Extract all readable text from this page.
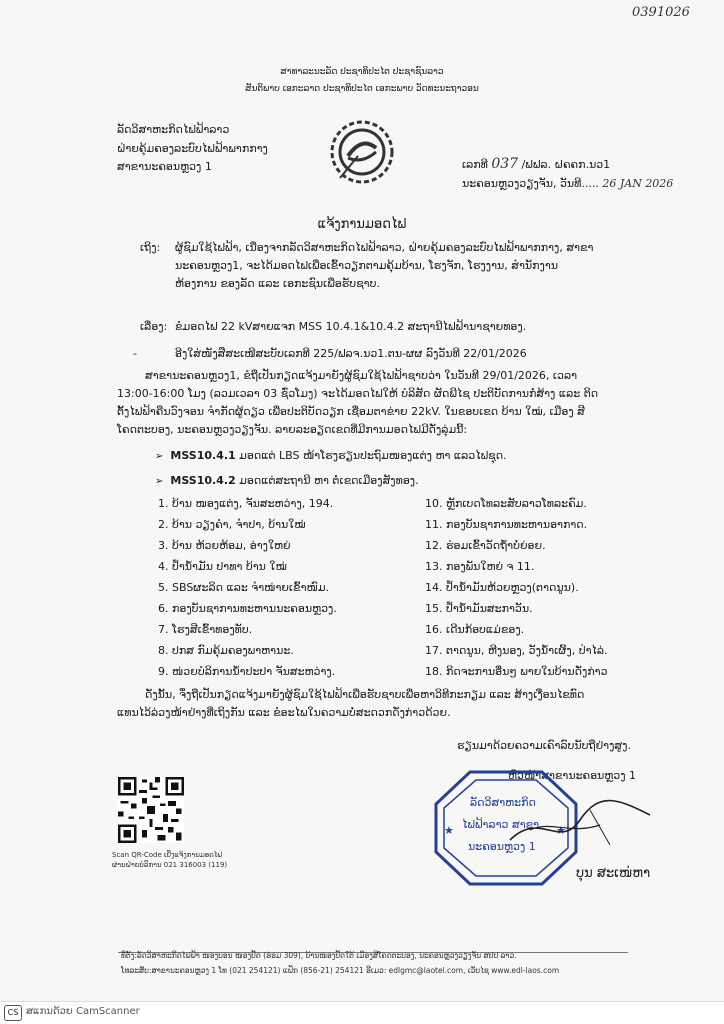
0391026
ສາທາລະນະລັດ ປະຊາທິປະໄຕ ປະຊາຊົນລາວ
ສັນຕິພາບ ເອກະລາດ ປະຊາທິປະໄຕ ເອກະພາບ ວັດທະນະຖາວອນ
ລັດວິສາຫະກິດໄຟຟ້າລາວ
ຝ່າຍຄຸ້ມຄອງລະບົບໄຟຟ້າພາກກາງ
ສາຂານະຄອນຫຼວງ 1	ເລກທີ 037 /ຟຟລ. ຝຄຄກ.ນວ1
ນະຄອນຫຼວງວຽງຈັນ, ວັນທີ..... 26 JAN 2026
ແຈ້ງການມອດໄຟ
ເຖິງ: ຜູ້ຊົມໃຊ້ໄຟຟ້າ, ເນື່ອງຈາກລັດວິສາຫະກິດໄຟຟ້າລາວ, ຝ່າຍຄຸ້ມຄອງລະບົບໄຟຟ້າພາກກາງ, ສາຂານະຄອນຫຼວງ1, ຈະໄດ້ມອດໄຟເພື່ອເຂົ້າວຽກຕາມຄຸ້ມບ້ານ, ໂຮງຈັກ, ໂຮງງານ, ສຳນັກງານຫ້ອງການ ຂອງລັດ ແລະ ເອກະຊົນເພື່ອຮັບຊາບ.
ເລື່ອງ: ຂໍມອດໄຟ 22 kVສາຍແຈກ MSS 10.4.1&10.4.2 ສະຖານີໄຟຟ້ານາຊາຍທອງ.
-	ອີງໃສ່ໜັງສືສະເໜີສະບັບເລກທີ 225/ຟລຈ.ນວ1.ຕນ-ຜຜ ລົງວັນທີ 22/01/2026
ສາຂານະຄອນຫຼວງ1, ຂໍຖືເປັນກຽດແຈ້ງມາຍັງຜູ້ຊົມໃຊ້ໄຟຟ້າຊາບວ່າ ໃນວັນທີ 29/01/2026, ເວລາ 13:00-16:00 ໂມງ (ລວມເວລາ 03 ຊົ່ວໂມງ) ຈະໄດ້ມອດໄຟໃຫ້ ບໍລິສັດ ຜັດພີໄຊ ປະຕິບັດການກໍ່ສ້າງ ແລະ ຕິດຕັ້ງໄຟຟ້າຄືນວົງຈອນ ຈຳກັດຜູ້ດຽວ ເພື່ອປະຕິບັດວຽກ ເຊື່ອມຕາຂ່າຍ 22kV. ໃນຂອບເຂດ ບ້ານ ໃໝ່, ເມືອງ ສີໂຄດຕະບອງ, ນະຄອນຫຼວງວຽງຈັນ. ລາຍລະອຽດເຂດທີ່ມີການມອດໄຟມີດັ່ງລຸ່ມນີ້:
➢ MSS10.4.1 ມອດແຕ່ LBS ໜ້າໂຮງຮຽນປະຖົມໜອງແຕ່ງ ຫາ ແລວໄຟຊຸດ.
➢ MSS10.4.2 ມອດແຕ່ສະຖານີ ຫາ ຕໍ່ເຂດເມືອງສັງທອງ.
1. ບ້ານ ໜອງແຕ່ງ, ຈັນສະຫວ່າງ, 194.
2. ບ້ານ ວຽງຄຳ, ຈຳປາ, ບ້ານໃໝ່
3. ບ້ານ ຫ້ວຍຫ້ອມ, ອ່າງໃຫຍ່
4. ປໍ້ານໍ້າມັນ ປາທາ ບ້ານ ໃໝ່
5. SBSຜະລິດ ແລະ ຈຳໜ່າຍເຂົ້າໜົມ.
6. ກອງບັນຊາການທະຫານນະຄອນຫຼວງ.
7. ໂຮງສີເຂົ້າທອງທັບ.
8. ປກສ ກົມຄຸ້ມຄອງພາຫານະ.
9. ໜ່ວຍບໍລິການນໍ້າປະປາ ຈັນສະຫວ່າງ.
10. ຫຼັກເບດໂທລະສັບລາວໂທລະຄົມ.
11. ກອງບັນຊາການທະຫານອາກາດ.
12. ຮ່ອມເຂົ້າວັດຖໍ້າບໍ່ຍ່ອຍ.
13. ກອງພັນໃຫຍ່ ຈ 11.
14. ປໍ້ານໍ້າມັນຫ້ວຍຫຼວງ(ຕາດນູນ).
15. ປໍ້ານໍ້າມັນສະກາວັນ.
16. ເດີນກ້ອບແມ່ຂອງ.
17. ຕາດນູນ, ຫີງນອງ, ວັງນໍ້າເຜິ້ງ, ປ່າໄລ່.
18. ກິດຈະການອື່ນໆ ພາຍໃນບ້ານດັ່ງກ່າວ
ດັ່ງນັ້ນ, ຈຶ່ງຖືເປັນກຽດແຈ້ງມາຍັງຜູ້ຊົມໃຊ້ໄຟຟ້າເພື່ອຮັບຊາບເພື່ອຫາວິທີກະກຽມ ແລະ ສ້າງເງື່ອນໄຂທົດແທນໄວ້ລ່ວງໜ້າຢ່າງທີ່ເຖິງກັນ ແລະ ຂໍອະໄພໃນຄວາມບໍ່ສະດວກດັ່ງກ່າວດ້ວຍ.
ຮຽນມາດ້ວຍຄວາມເຄົາລົບນັບຖືຢ່າງສູງ.
ຫົວໜ້າສາຂານະຄອນຫຼວງ 1
Scan QR-Code ເບີ່ງແຈ້ງການມອດໄຟ
ຜ່ານຝ່າຍບໍລິການ 021 316003 (119)
★	★
ລັດວິສາຫະກິດ
ໄຟຟ້າລາວ ສາຂາ
ນະຄອນຫຼວງ 1
ບຸນ ສະເໜ່ຫາ
ທີ່ຕັ້ງ:ລັດວິສາຫະກິດໄຟຟ້າ ໜອງບອນ ໜອງປັດ (ຮ່ອມ 309), ບ້ານໜອງປັດໃຕ້ ເມືອງສີໂຄດຕະບອງ, ນະຄອນຫຼວງວຽງຈັນ ສປປ ລາວ.
ໂທລະສັບ:ສາຂານະຄອນຫຼວງ 1 ໂທ (021 254121) ແຟັກ (856-21) 254121 ອີເມວ: edlgmc@laotel.com, ເວັບໄຊ www.edl-laos.com
CS ສແກນດ້ວຍ CamScanner
